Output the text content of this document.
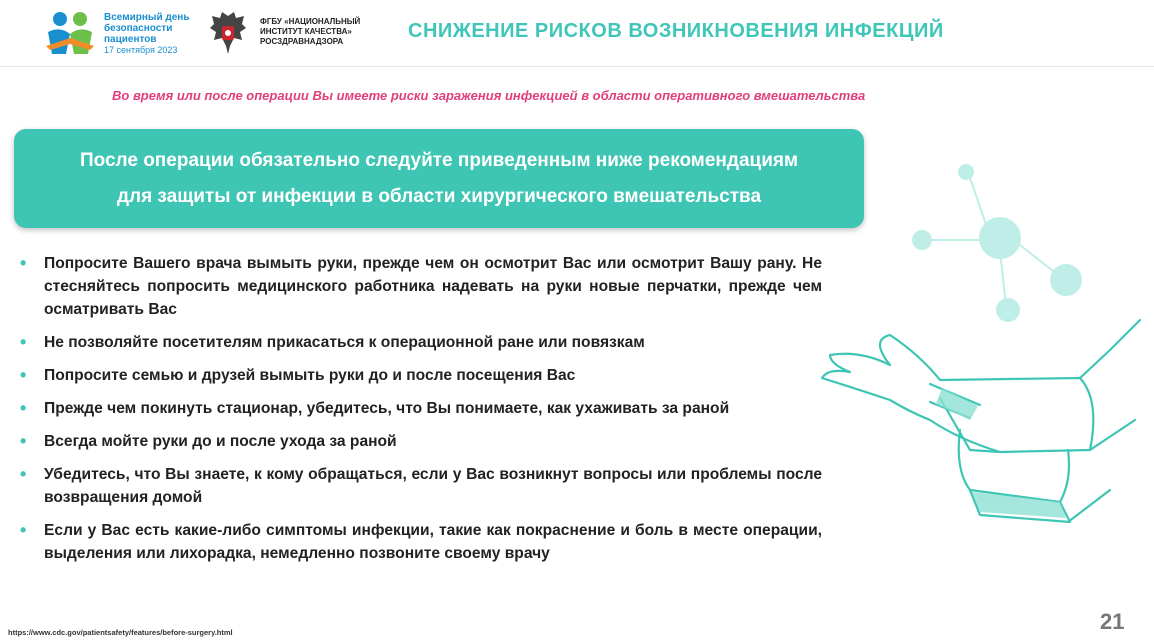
Всемирный день
безопасности
пациентов
17 сентября 2023
ФГБУ «НАЦИОНАЛЬНЫЙ
ИНСТИТУТ КАЧЕСТВА»
РОСЗДРАВНАДЗОРА	СНИЖЕНИЕ РИСКОВ ВОЗНИКНОВЕНИЯ ИНФЕКЦИЙ
Во время или после операции Вы имеете риски заражения инфекцией в области оперативного вмешательства
После операции обязательно следуйте приведенным ниже рекомендациям
для защиты от инфекции в области хирургического вмешательства
• Попросите Вашего врача вымыть руки, прежде чем он осмотрит Вас или осмотрит Вашу рану. Не стесняйтесь попросить медицинского работника надевать на руки новые перчатки, прежде чем осматривать Вас
• Не позволяйте посетителям прикасаться к операционной ране или повязкам
• Попросите семью и друзей вымыть руки до и после посещения Вас
• Прежде чем покинуть стационар, убедитесь, что Вы понимаете, как ухаживать за раной
• Всегда мойте руки до и после ухода за раной
• Убедитесь, что Вы знаете, к кому обращаться, если у Вас возникнут вопросы или проблемы после возвращения домой
• Если у Вас есть какие-либо симптомы инфекции, такие как покраснение и боль в месте операции, выделения или лихорадка, немедленно позвоните своему врачу
https://www.cdc.gov/patientsafety/features/before-surgery.html	21
